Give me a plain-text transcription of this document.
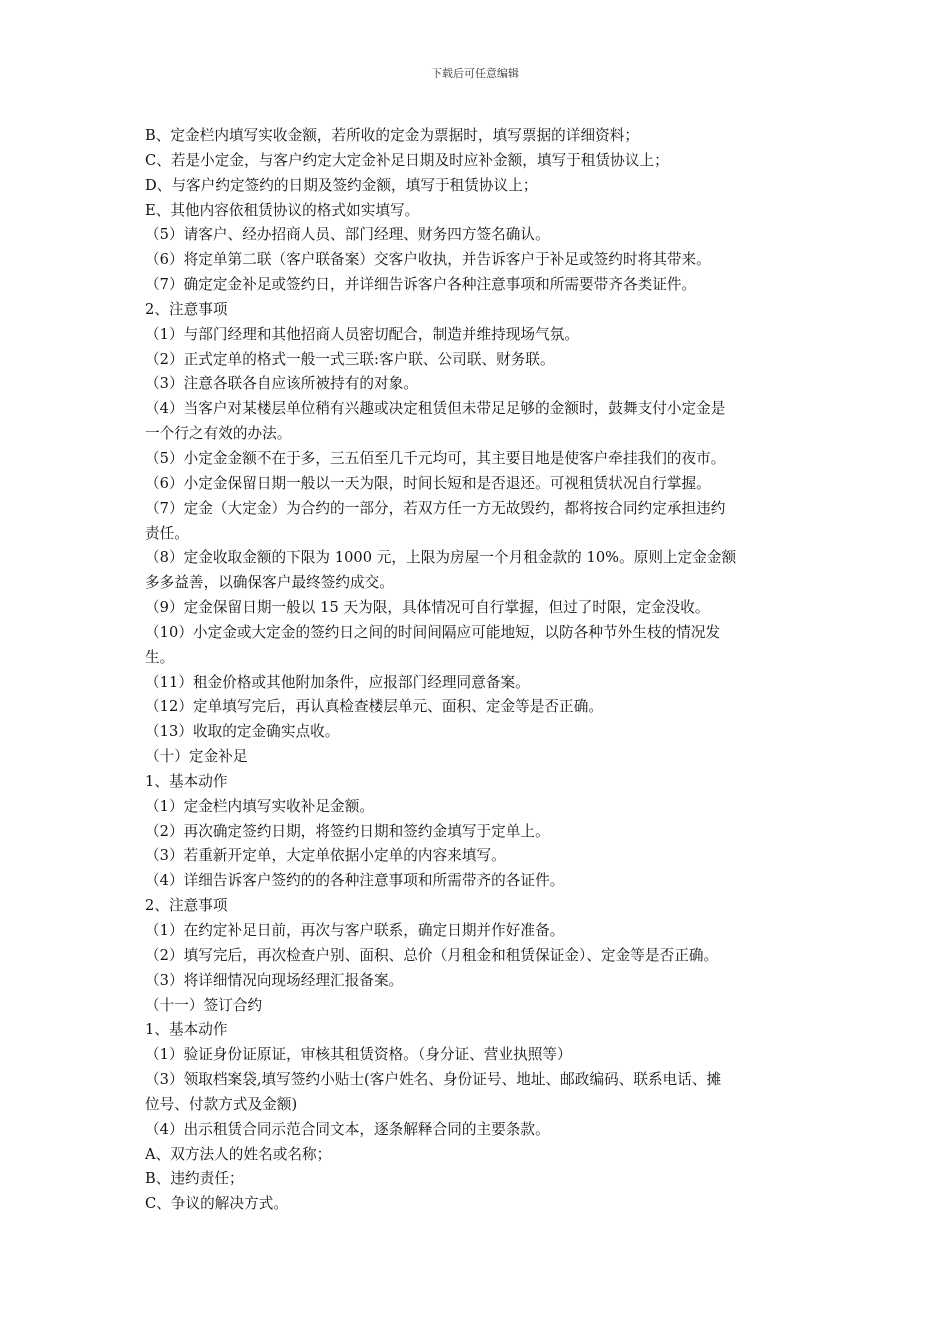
下载后可任意编辑
B、定金栏内填写实收金额，若所收的定金为票据时，填写票据的详细资料；
C、若是小定金，与客户约定大定金补足日期及时应补金额，填写于租赁协议上；
D、与客户约定签约的日期及签约金额，填写于租赁协议上；
E、其他内容依租赁协议的格式如实填写。
（5）请客户、经办招商人员、部门经理、财务四方签名确认。
（6）将定单第二联（客户联备案）交客户收执，并告诉客户于补足或签约时将其带来。
（7）确定定金补足或签约日，并详细告诉客户各种注意事项和所需要带齐各类证件。
2、注意事项
（1）与部门经理和其他招商人员密切配合，制造并维持现场气氛。
（2）正式定单的格式一般一式三联:客户联、公司联、财务联。
（3）注意各联各自应该所被持有的对象。
（4）当客户对某楼层单位稍有兴趣或决定租赁但未带足足够的金额时，鼓舞支付小定金是
一个行之有效的办法。
（5）小定金金额不在于多，三五佰至几千元均可，其主要目地是使客户牵挂我们的夜市。
（6）小定金保留日期一般以一天为限，时间长短和是否退还。可视租赁状况自行掌握。
（7）定金（大定金）为合约的一部分，若双方任一方无故毁约，都将按合同约定承担违约
责任。
（8）定金收取金额的下限为 1000 元，上限为房屋一个月租金款的 10%。原则上定金金额
多多益善，以确保客户最终签约成交。
（9）定金保留日期一般以 15 天为限，具体情况可自行掌握，但过了时限，定金没收。
（10）小定金或大定金的签约日之间的时间间隔应可能地短，以防各种节外生枝的情况发
生。
（11）租金价格或其他附加条件，应报部门经理同意备案。
（12）定单填写完后，再认真检查楼层单元、面积、定金等是否正确。
（13）收取的定金确实点收。
（十）定金补足
1、基本动作
（1）定金栏内填写实收补足金额。
（2）再次确定签约日期，将签约日期和签约金填写于定单上。
（3）若重新开定单，大定单依据小定单的内容来填写。
（4）详细告诉客户签约的的各种注意事项和所需带齐的各证件。
2、注意事项
（1）在约定补足日前，再次与客户联系，确定日期并作好准备。
（2）填写完后，再次检查户别、面积、总价（月租金和租赁保证金）、定金等是否正确。
（3）将详细情况向现场经理汇报备案。
（十一）签订合约
1、基本动作
（1）验证身份证原证，审核其租赁资格。（身分证、营业执照等）
（3）领取档案袋,填写签约小贴士(客户姓名、身份证号、地址、邮政编码、联系电话、摊
位号、付款方式及金额)
（4）出示租赁合同示范合同文本，逐条解释合同的主要条款。
A、双方法人的姓名或名称；
B、违约责任；
C、争议的解决方式。
